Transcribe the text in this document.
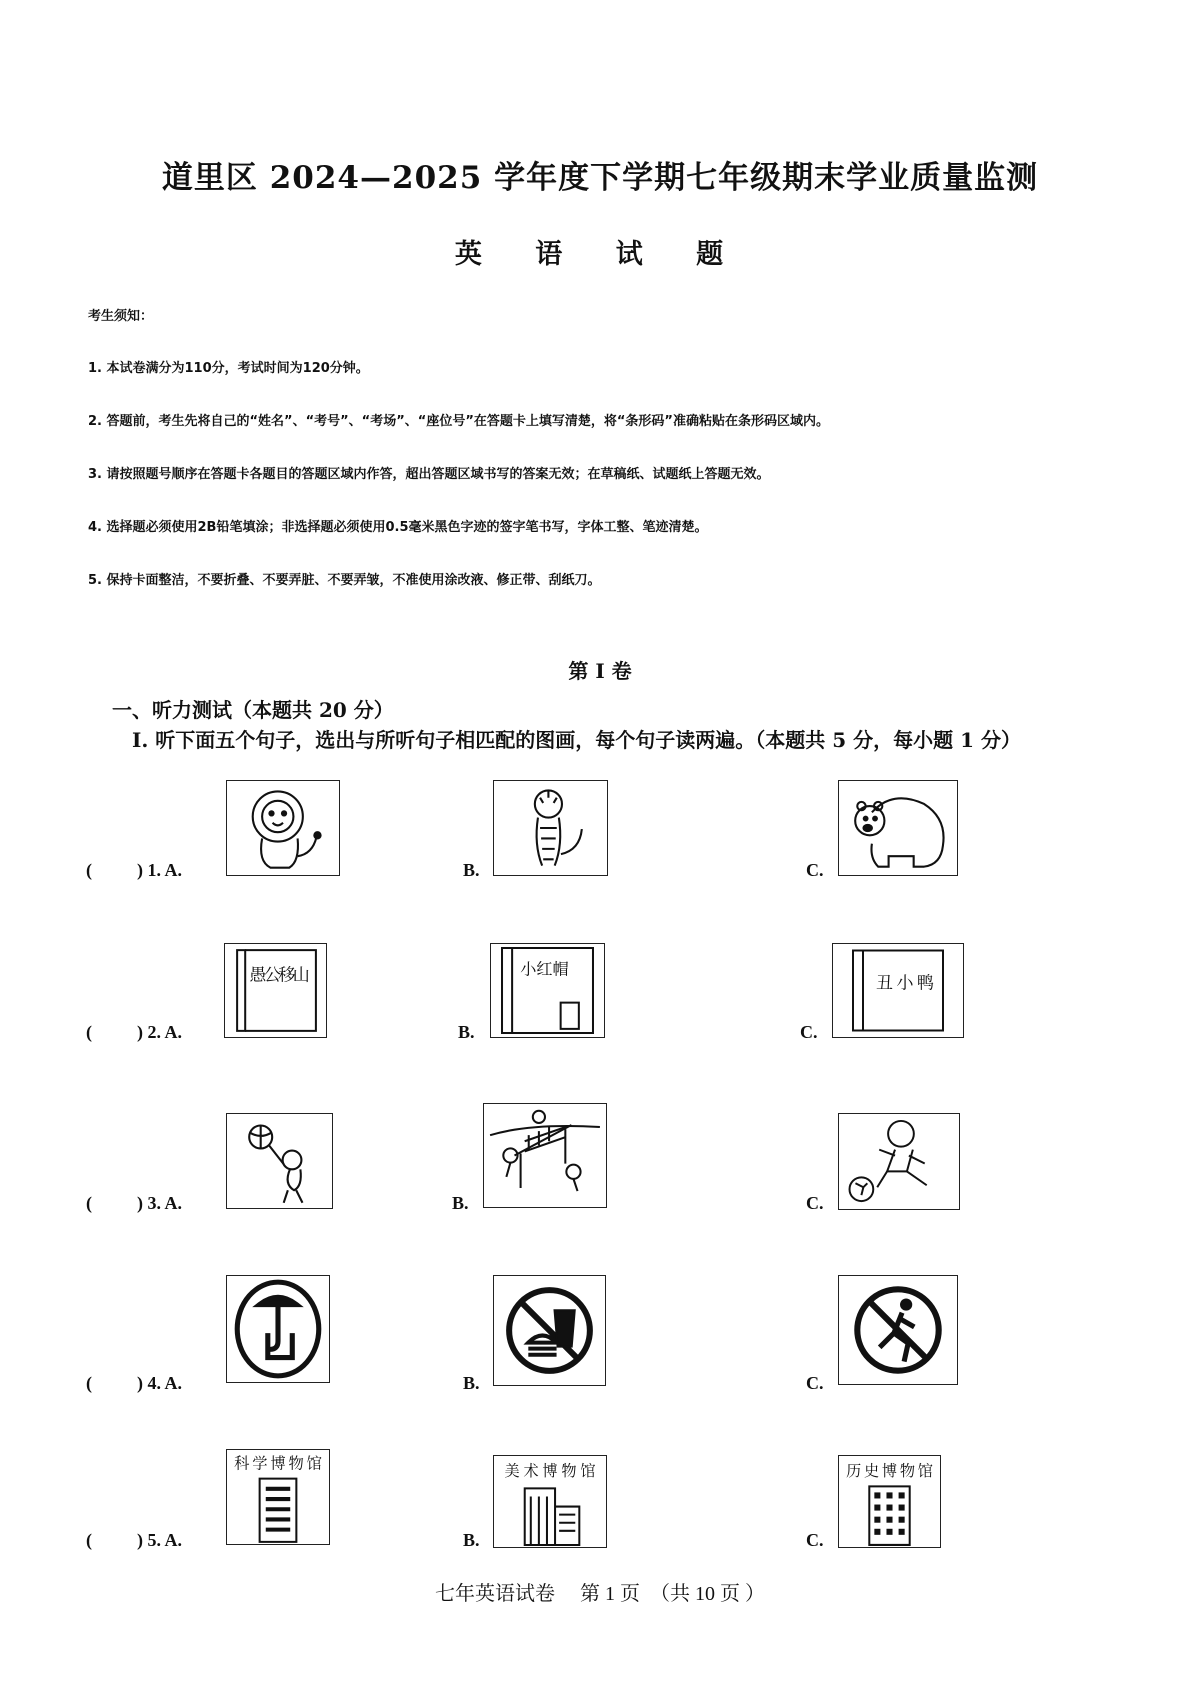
道里区 2024—2025 学年度下学期七年级期末学业质量监测
英 语 试 题
考生须知：
1. 本试卷满分为110分，考试时间为120分钟。
2. 答题前，考生先将自己的“姓名”、“考号”、“考场”、“座位号”在答题卡上填写清楚，将“条形码”准确粘贴在条形码区域内。
3. 请按照题号顺序在答题卡各题目的答题区域内作答，超出答题区域书写的答案无效；在草稿纸、试题纸上答题无效。
4. 选择题必须使用2B铅笔填涂；非选择题必须使用0.5毫米黑色字迹的签字笔书写，字体工整、笔迹清楚。
5. 保持卡面整洁，不要折叠、不要弄脏、不要弄皱，不准使用涂改液、修正带、刮纸刀。
第 I 卷
一、听力测试（本题共 20 分）
I. 听下面五个句子，选出与所听句子相匹配的图画，每个句子读两遍。（本题共 5 分，每小题 1 分）
(          ) 1. A.	B.	C.
(          ) 2. A.
愚公移山
B.
小红帽
C.
丑小鸭
(          ) 3. A.	B.	C.
(          ) 4. A.	B.	C.
(          ) 5. A.
科学博物馆
B.
美术博物馆
C.
历史博物馆
七年英语试卷     第 1 页  （共 10 页 ）
